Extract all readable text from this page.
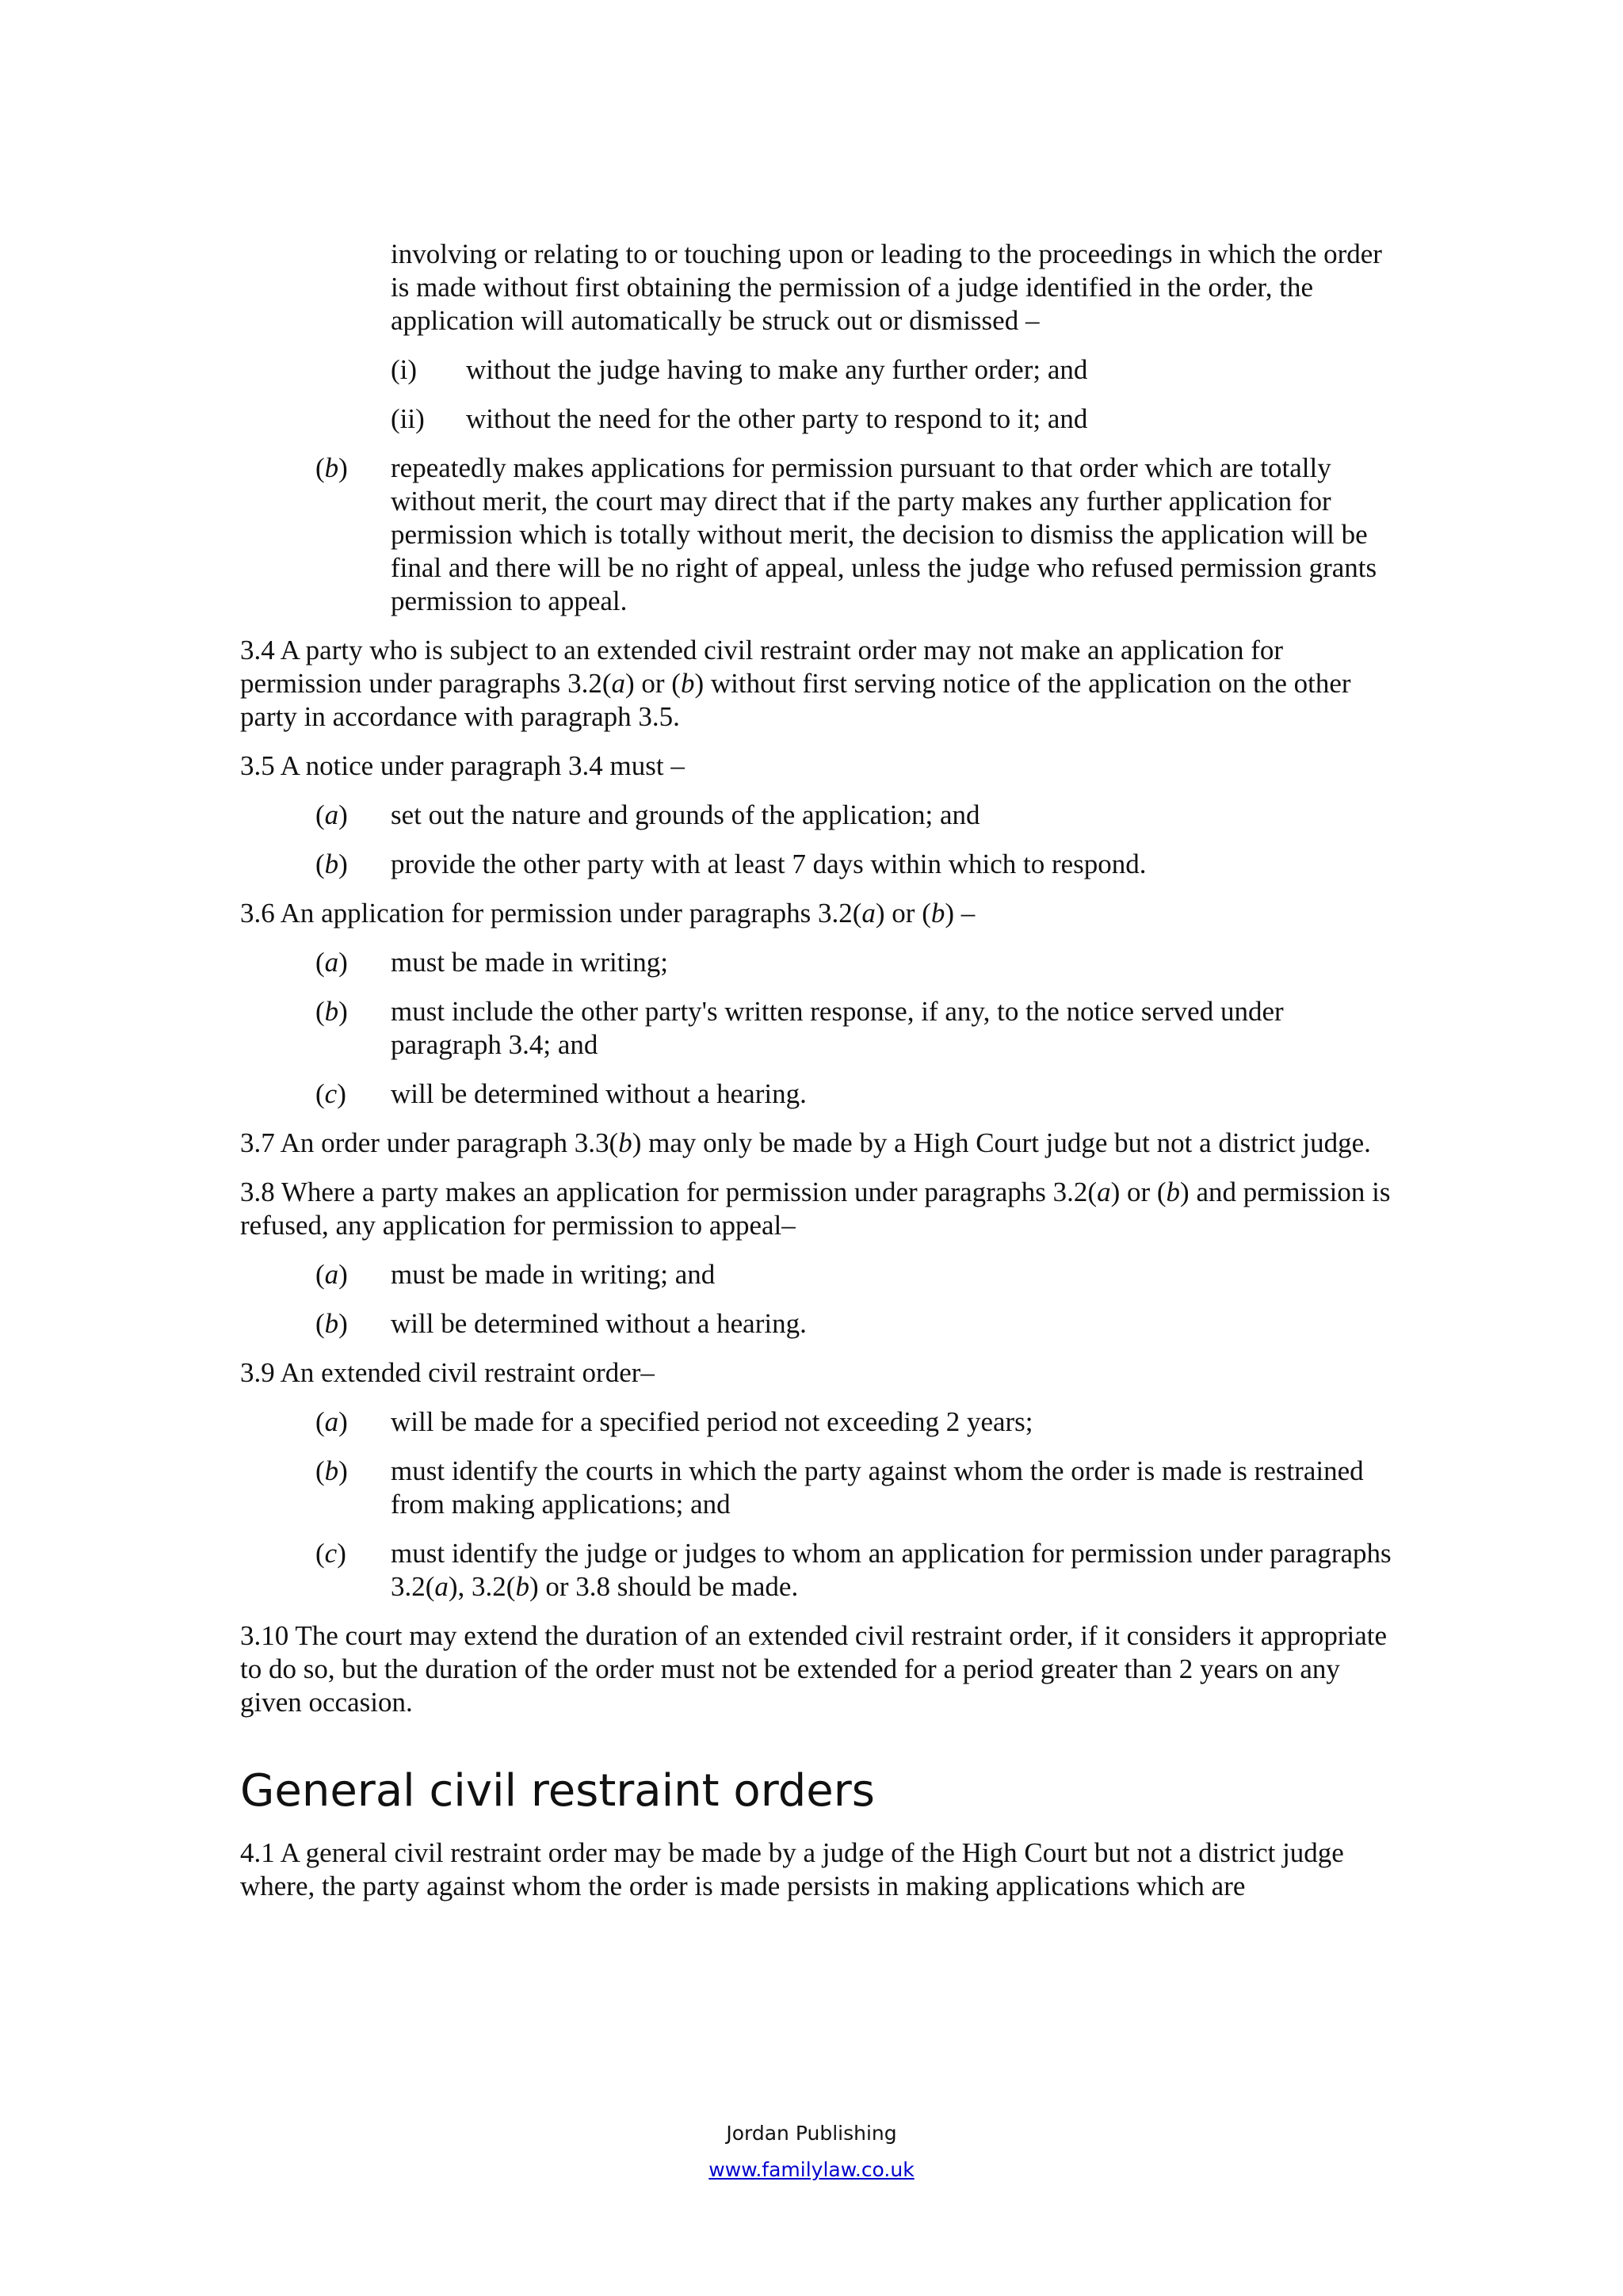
involving or relating to or touching upon or leading to the proceedings in which the order is made without first obtaining the permission of a judge identified in the order, the application will automatically be struck out or dismissed –
(i)	without the judge having to make any further order; and
(ii)	without the need for the other party to respond to it; and
(b)	repeatedly makes applications for permission pursuant to that order which are totally without merit, the court may direct that if the party makes any further application for permission which is totally without merit, the decision to dismiss the application will be final and there will be no right of appeal, unless the judge who refused permission grants permission to appeal.

3.4 A party who is subject to an extended civil restraint order may not make an application for permission under paragraphs 3.2(a) or (b) without first serving notice of the application on the other party in accordance with paragraph 3.5.

3.5 A notice under paragraph 3.4 must –

(a)	set out the nature and grounds of the application; and
(b)	provide the other party with at least 7 days within which to respond.

3.6 An application for permission under paragraphs 3.2(a) or (b) –

(a)	must be made in writing;
(b)	must include the other party's written response, if any, to the notice served under paragraph 3.4; and
(c)	will be determined without a hearing.

3.7 An order under paragraph 3.3(b) may only be made by a High Court judge but not a district judge.

3.8 Where a party makes an application for permission under paragraphs 3.2(a) or (b) and permission is refused, any application for permission to appeal–

(a)	must be made in writing; and
(b)	will be determined without a hearing.

3.9 An extended civil restraint order–

(a)	will be made for a specified period not exceeding 2 years;
(b)	must identify the courts in which the party against whom the order is made is restrained from making applications; and
(c)	must identify the judge or judges to whom an application for permission under paragraphs 3.2(a), 3.2(b) or 3.8 should be made.

3.10 The court may extend the duration of an extended civil restraint order, if it considers it appropriate to do so, but the duration of the order must not be extended for a period greater than 2 years on any given occasion.

General civil restraint orders

4.1 A general civil restraint order may be made by a judge of the High Court but not a district judge where, the party against whom the order is made persists in making applications which are

Jordan Publishing
www.familylaw.co.uk
